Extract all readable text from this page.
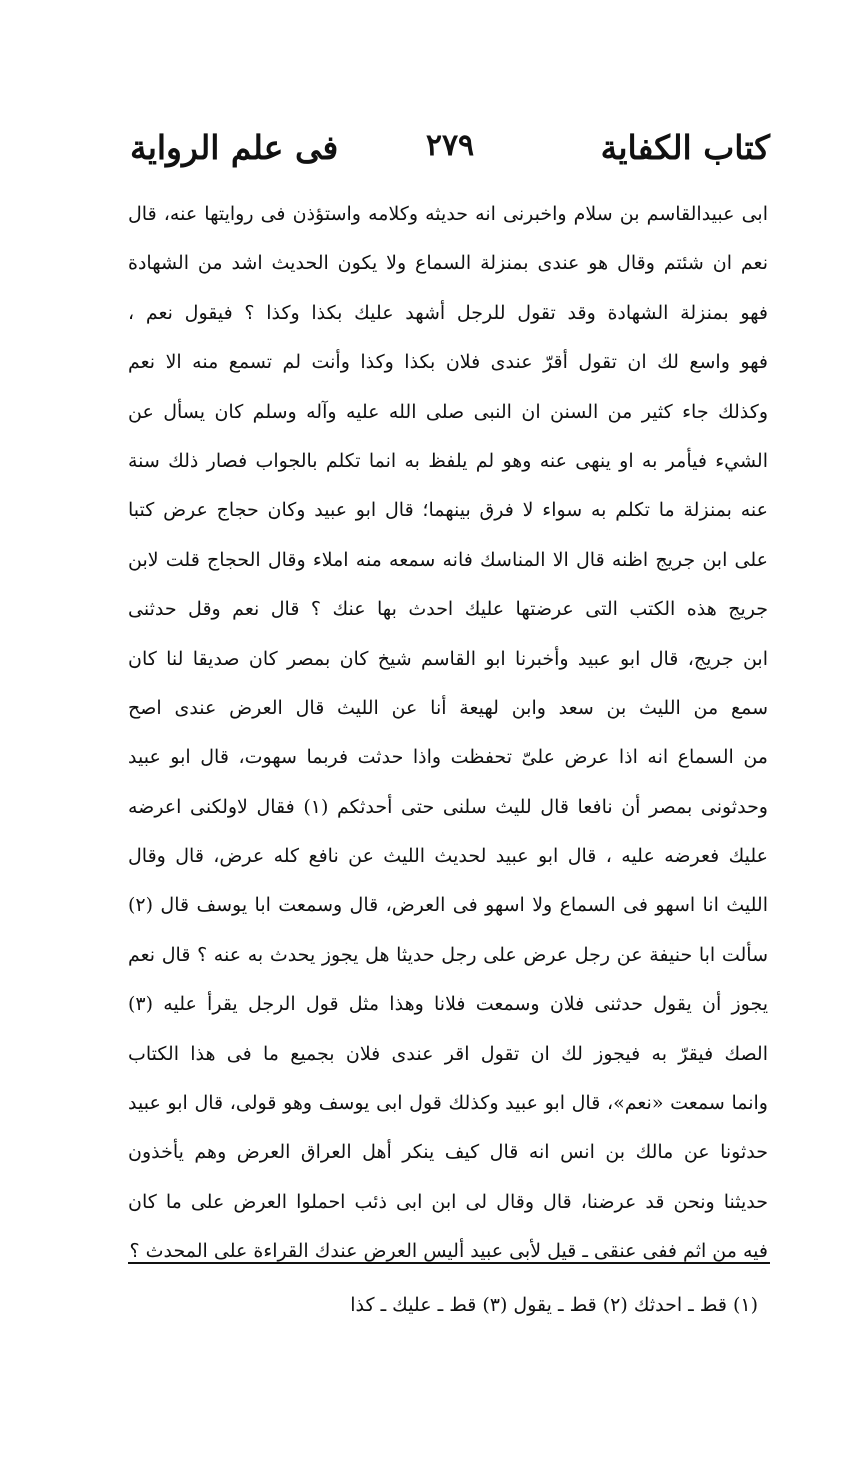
كتاب الكفاية
٢٧٩
فى علم الرواية
ابى عبيدالقاسم بن سلام واخبرنى انه حديثه وكلامه واستؤذن فى روايتها عنه، قال
نعم ان شئتم وقال هو عندى بمنزلة السماع ولا يكون الحديث اشد من الشهادة
فهو بمنزلة الشهادة وقد تقول للرجل أشهد عليك بكذا وكذا ؟ فيقول نعم ،
فهو واسع لك ان تقول أقرّ عندى فلان بكذا وكذا وأنت لم تسمع منه الا نعم
وكذلك جاء كثير من السنن ان النبى صلى الله عليه وآله وسلم كان يسأل عن
الشيء فيأمر به او ينهى عنه وهو لم يلفظ به انما تكلم بالجواب فصار ذلك سنة
عنه بمنزلة ما تكلم به سواء لا فرق بينهما؛ قال ابو عبيد وكان حجاج عرض كتبا
على ابن جريج اظنه قال الا المناسك فانه سمعه منه املاء وقال الحجاج قلت لابن
جريج هذه الكتب التى عرضتها عليك احدث بها عنك ؟ قال نعم وقل حدثنى
ابن جريج، قال ابو عبيد وأخبرنا ابو القاسم شيخ كان بمصر كان صديقا لنا كان
سمع من الليث بن سعد وابن لهيعة أنا عن الليث قال العرض عندى اصح
من السماع انه اذا عرض علىّ تحفظت واذا حدثت فربما سهوت، قال ابو عبيد
وحدثونى بمصر أن نافعا قال لليث سلنى حتى أحدثكم (١) فقال لاولكنى اعرضه
عليك فعرضه عليه ، قال ابو عبيد لحديث الليث عن نافع كله عرض، قال وقال
الليث انا اسهو فى السماع ولا اسهو فى العرض، قال وسمعت ابا يوسف قال (٢)
سألت ابا حنيفة عن رجل عرض على رجل حديثا هل يجوز يحدث به عنه ؟ قال نعم
يجوز أن يقول حدثنى فلان وسمعت فلانا وهذا مثل قول الرجل يقرأ عليه (٣)
الصك فيقرّ به فيجوز لك ان تقول اقر عندى فلان بجميع ما فى هذا الكتاب
وانما سمعت «نعم»، قال ابو عبيد وكذلك قول ابى يوسف وهو قولى، قال ابو عبيد
حدثونا عن مالك بن انس انه قال كيف ينكر أهل العراق العرض وهم يأخذون
حديثنا ونحن قد عرضنا، قال وقال لى ابن ابى ذئب احملوا العرض على ما كان
فيه من اثم ففى عنقى ـ قيل لأبى عبيد أليس العرض عندك القراءة على المحدث ؟
(١) قط ـ احدثك (٢) قط ـ يقول (٣) قط ـ عليك ـ كذا
